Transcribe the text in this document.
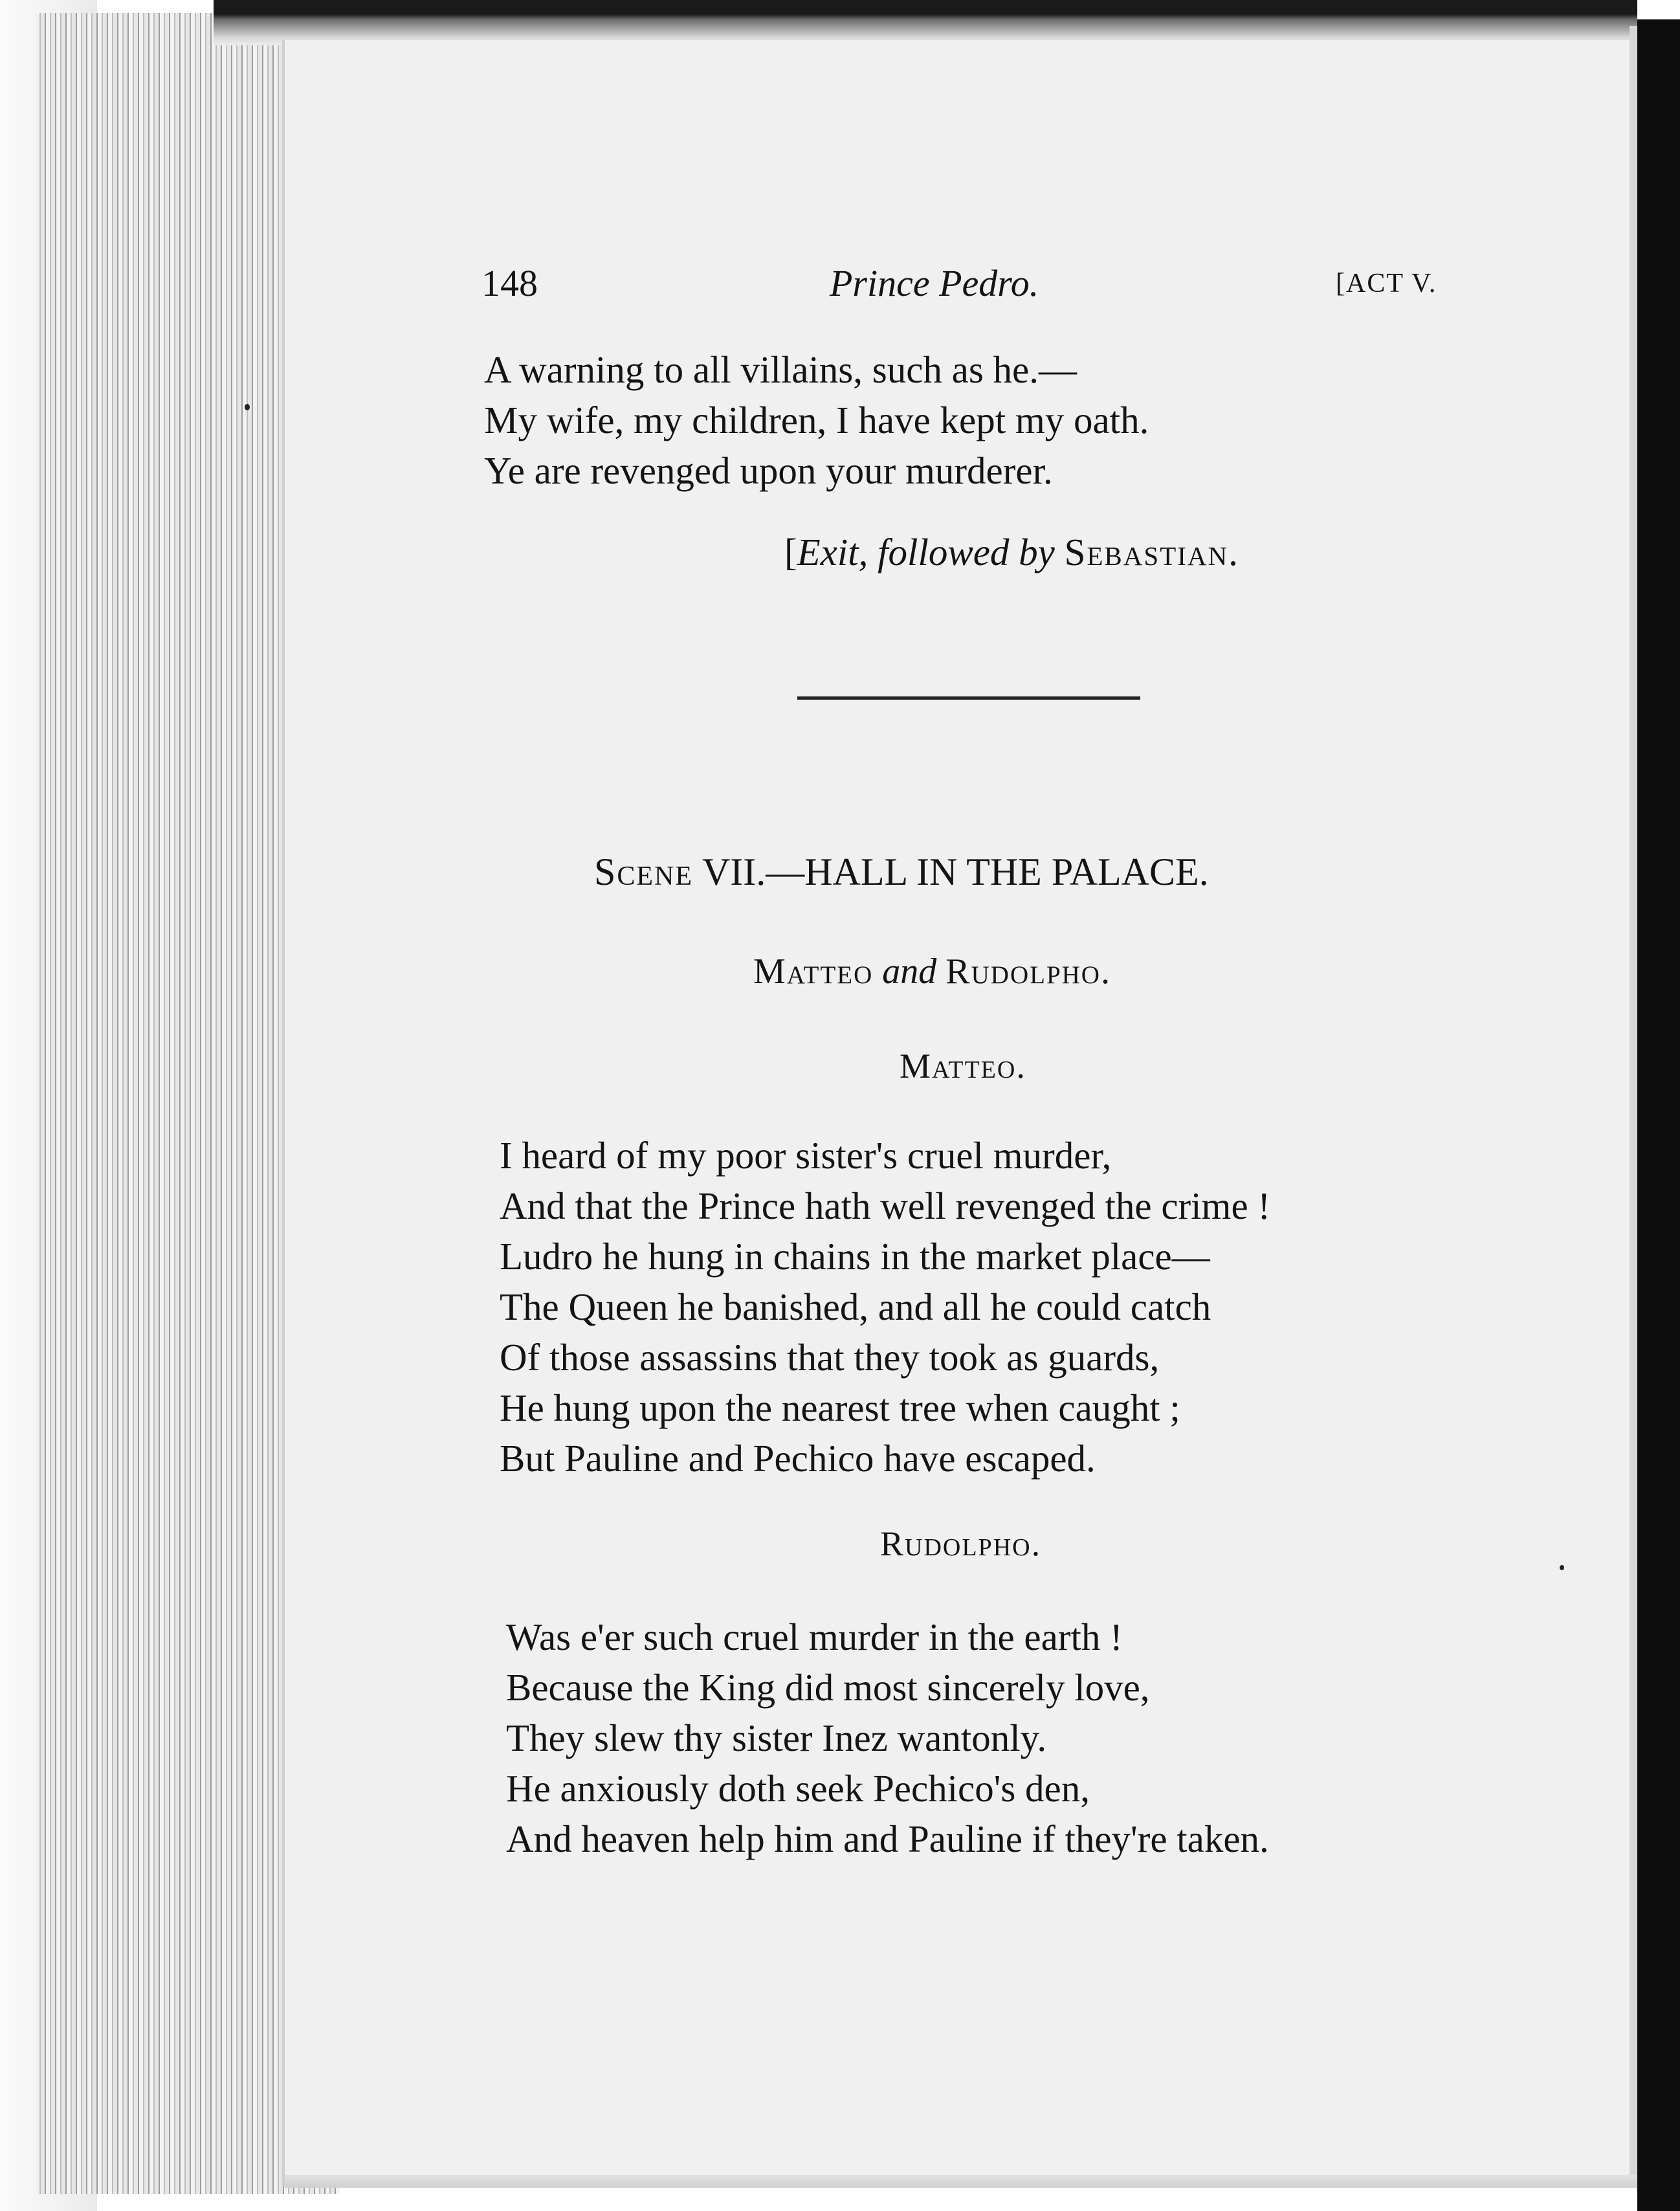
148	Prince Pedro.	[ACT V.
A warning to all villains, such as he.—
My wife, my children, I have kept my oath.
Ye are revenged upon your murderer.
[Exit, followed by Sebastian.
Scene VII.—HALL IN THE PALACE.
Matteo and Rudolpho.
Matteo.
I heard of my poor sister's cruel murder,
And that the Prince hath well revenged the crime !
Ludro he hung in chains in the market place—
The Queen he banished, and all he could catch
Of those assassins that they took as guards,
He hung upon the nearest tree when caught ;
But Pauline and Pechico have escaped.
Rudolpho.
Was e'er such cruel murder in the earth !
Because the King did most sincerely love,
They slew thy sister Inez wantonly.
He anxiously doth seek Pechico's den,
And heaven help him and Pauline if they're taken.
